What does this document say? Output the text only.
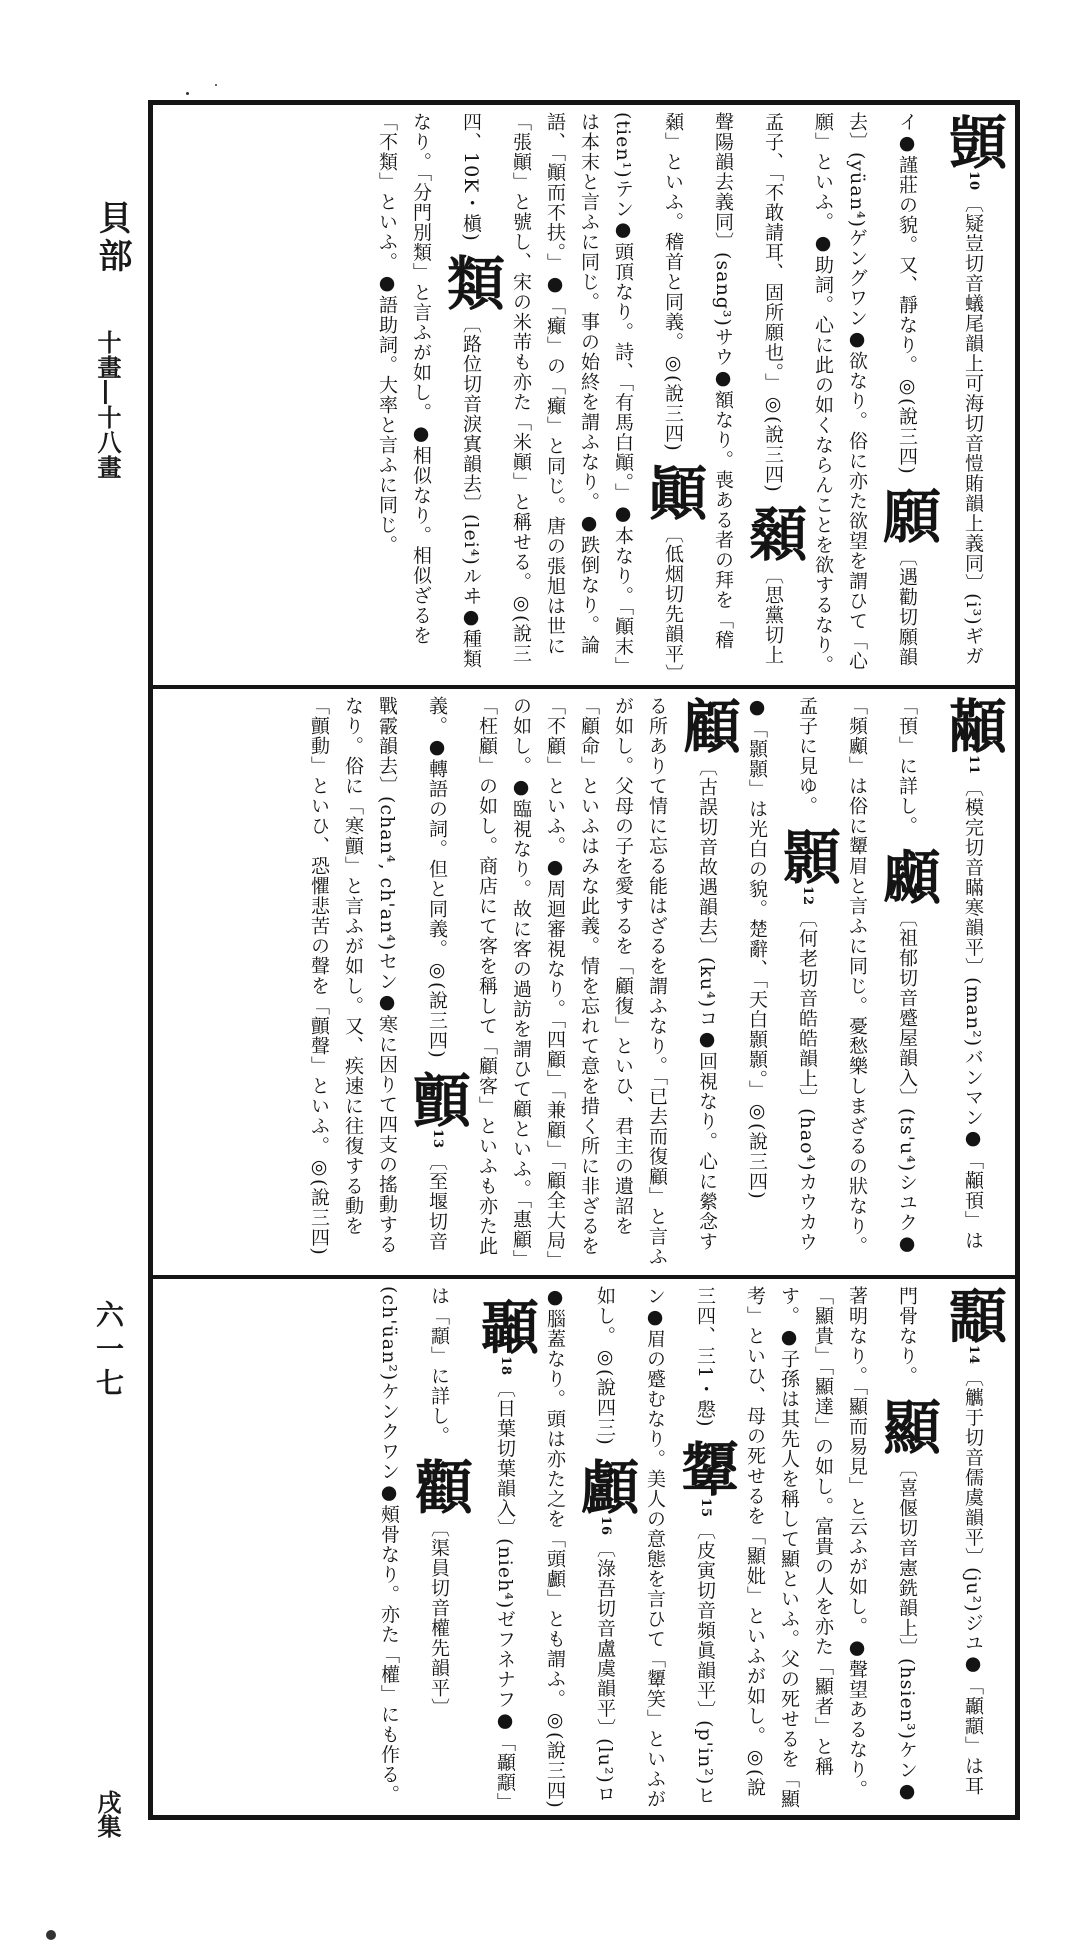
貝部
十畫―十八畫
六一七
戌集
顗10〔疑豈切音蟻尾韻上可海切音愷賄韻上義同〕(i³)ギガイ●謹莊の貌。又、靜なり。◎(說三四) 願〔遇勸切願韻去〕(yüan⁴)ゲングワン●欲なり。俗に亦た欲望を謂ひて「心願」といふ。●助詞。心に此の如くならんことを欲するなり。孟子、「不敢請耳、固所願也。」◎(說三四) 顙〔思黨切上聲陽韻去義同〕(sang³)サウ●額なり。喪ある者の拜を「稽顙」といふ。稽首と同義。◎(說三四) 顚〔低烟切先韻平〕(tien¹)テン●頭頂なり。詩、「有馬白顚。」●本なり。「顚末」は本末と言ふに同じ。事の始終を謂ふなり。●跌倒なり。論語、「顚而不扶。」●「癲」の「癲」と同じ。唐の張旭は世に「張顚」と號し、宋の米芾も亦た「米顚」と稱せる。◎(說三四、10K・槇) 類〔路位切音淚寘韻去〕(lei⁴)ルヰ●種類なり。「分門別類」と言ふが如し。●相似なり。相似ざるを「不類」といふ。●語助詞。大率と言ふに同じ。
顢11〔模完切音瞞寒韻平〕(man²)バンマン●「顢頇」は「頇」に詳し。 顣〔祖郁切音蹙屋韻入〕(ts'u⁴)シユク●「頻顣」は俗に顰眉と言ふに同じ。憂愁樂しまざるの狀なり。孟子に見ゆ。 顥12〔何老切音皓皓韻上〕(hao⁴)カウカウ●「顥顥」は光白の貌。楚辭、「天白顥顥。」◎(說三四) 顧〔古誤切音故遇韻去〕(ku⁴)コ●回視なり。心に縈念する所ありて情に忘る能はざるを謂ふなり。「已去而復顧」と言ふが如し。父母の子を愛するを「顧復」といひ、君主の遺詔を「顧命」といふはみな此義。情を忘れて意を措く所に非ざるを「不顧」といふ。●周迴審視なり。「四顧」「兼顧」「顧全大局」の如し。●臨視なり。故に客の過訪を謂ひて顧といふ。「惠顧」「枉顧」の如し。商店にて客を稱して「顧客」といふも亦た此義。●轉語の詞。但と同義。◎(說三四) 顫13〔至堰切音戰霰韻去〕(chan⁴, ch'an⁴)セン●寒に因りて四支の搖動するなり。俗に「寒顫」と言ふが如し。又、疾速に往復する動を「顫動」といひ、恐懼悲苦の聲を「顫聲」といふ。◎(說三四)
顬14〔觽于切音儒虞韻平〕(ju²)ジユ●「顳顬」は耳門骨なり。 顯〔喜偃切音憲銑韻上〕(hsien³)ケン●著明なり。「顯而易見」と云ふが如し。●聲望あるなり。「顯貴」「顯達」の如し。富貴の人を亦た「顯者」と稱す。●子孫は其先人を稱して顯といふ。父の死せるを「顯考」といひ、母の死せるを「顯妣」といふが如し。◎(說三四、三1・慇) 顰15〔皮寅切音頻眞韻平〕(p'in²)ヒン●眉の蹙むなり。美人の意態を言ひて「顰笑」といふが如し。◎(說四三) 顱16〔淥吾切音盧虞韻平〕(lu²)ロ●腦蓋なり。頭は亦た之を「頭顱」とも謂ふ。◎(說三四) 顳18〔日葉切葉韻入〕(nieh⁴)ゼフネナフ●「顳顬」は「顬」に詳し。 顴〔渠員切音權先韻平〕(ch'üan²)ケンクワン●頰骨なり。亦た「權」にも作る。
